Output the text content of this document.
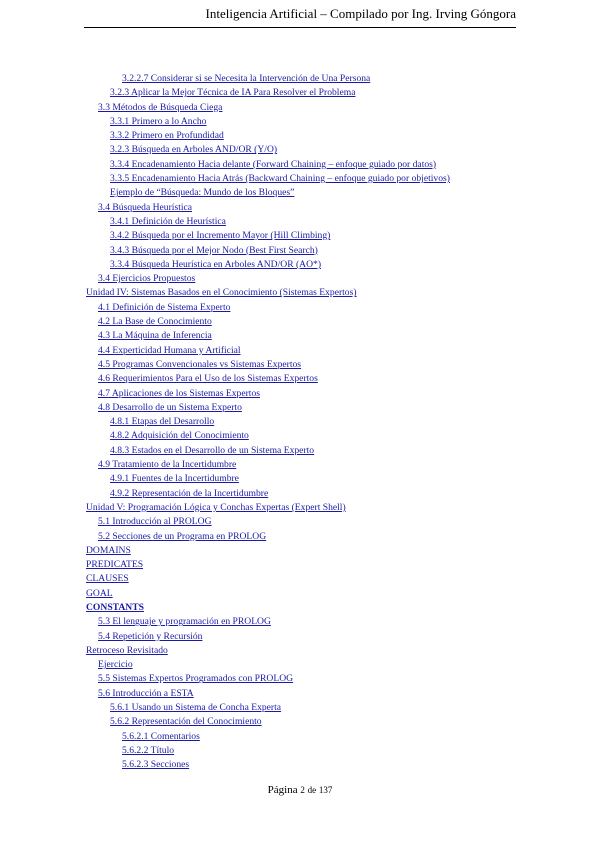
Inteligencia Artificial – Compilado por Ing. Irving Góngora
3.2.2.7 Considerar si se Necesita la Intervención de Una Persona
3.2.3 Aplicar la Mejor Técnica de IA Para Resolver el Problema
3.3 Métodos de Búsqueda Ciega
3.3.1 Primero a lo Ancho
3.3.2 Primero en Profundidad
3.2.3 Búsqueda en Arboles AND/OR (Y/O)
3.3.4 Encadenamiento Hacia delante (Forward Chaining – enfoque guiado por datos)
3.3.5 Encadenamiento Hacia Atrás (Backward Chaining – enfoque guiado por objetivos)
Ejemplo de “Búsqueda: Mundo de los Bloques”
3.4 Búsqueda Heurística
3.4.1 Definición de Heurística
3.4.2 Búsqueda por el Incremento Mayor (Hill Climbing)
3.4.3 Búsqueda por el Mejor Nodo (Best First Search)
3.3.4 Búsqueda Heurística en Arboles AND/OR (AO*)
3.4 Ejercicios Propuestos
Unidad IV: Sistemas Basados en el Conocimiento (Sistemas Expertos)
4.1 Definición de Sistema Experto
4.2 La Base de Conocimiento
4.3 La Máquina de Inferencia
4.4 Experticidad Humana y Artificial
4.5 Programas Convencionales vs Sistemas Expertos
4.6 Requerimientos Para el Uso de los Sistemas Expertos
4.7 Aplicaciones de los Sistemas Expertos
4.8 Desarrollo de un Sistema Experto
4.8.1 Etapas del Desarrollo
4.8.2 Adquisición del Conocimiento
4.8.3 Estados en el Desarrollo de un Sistema Experto
4.9 Tratamiento de la Incertidumbre
4.9.1 Fuentes de la Incertidumbre
4.9.2 Representación de la Incertidumbre
Unidad V: Programación Lógica y Conchas Expertas (Expert Shell)
5.1 Introducción al PROLOG
5.2 Secciones de un Programa en PROLOG
DOMAINS
PREDICATES
CLAUSES
GOAL
CONSTANTS
5.3 El lenguaje y programación en PROLOG
5.4 Repetición y Recursión
Retroceso Revisitado
Ejercicio
5.5 Sistemas Expertos Programados con PROLOG
5.6 Introducción a ESTA
5.6.1 Usando un Sistema de Concha Experta
5.6.2 Representación del Conocimiento
5.6.2.1 Comentarios
5.6.2.2 Título
5.6.2.3 Secciones
Página 2 de 137
